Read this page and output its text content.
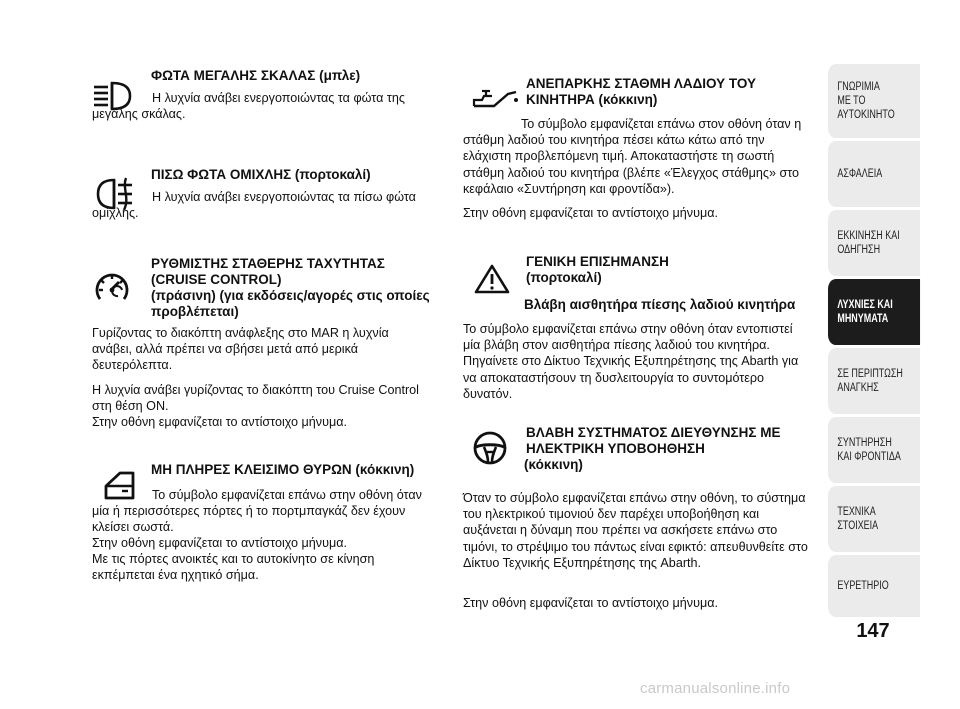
ΦΩΤΑ ΜΕΓΑΛΗΣ ΣΚΑΛΑΣ (μπλε)
Η λυχνία ανάβει ενεργοποιώντας τα φώτα της μεγάλης σκάλας.
ΠΙΣΩ ΦΩΤΑ ΟΜΙΧΛΗΣ (πορτοκαλί)
Η λυχνία ανάβει ενεργοποιώντας τα πίσω φώτα ομίχλης.
ΡΥΘΜΙΣΤΗΣ ΣΤΑΘΕΡΗΣ ΤΑΧΥΤΗΤΑΣ
(CRUISE CONTROL)
(πράσινη) (για εκδόσεις/αγορές στις οποίες
προβλέπεται)
Γυρίζοντας το διακόπτη ανάφλεξης στο MAR η λυχνία ανάβει, αλλά πρέπει να σβήσει μετά από μερικά δευτερόλεπτα.
Η λυχνία ανάβει γυρίζοντας το διακόπτη του Cruise Control στη θέση ON.
Στην οθόνη εμφανίζεται το αντίστοιχο μήνυμα.
ΜΗ ΠΛΗΡΕΣ ΚΛΕΙΣΙΜΟ ΘΥΡΩΝ (κόκκινη)
Το σύμβολο εμφανίζεται επάνω στην οθόνη όταν μία ή περισσότερες πόρτες ή το πορτμπαγκάζ δεν έχουν κλείσει σωστά.
Στην οθόνη εμφανίζεται το αντίστοιχο μήνυμα.
Με τις πόρτες ανοικτές και το αυτοκίνητο σε κίνηση εκπέμπεται ένα ηχητικό σήμα.
ΑΝΕΠΑΡΚΗΣ ΣΤΑΘΜΗ ΛΑΔΙΟΥ ΤΟΥ
ΚΙΝΗΤΗΡΑ (κόκκινη)
Το σύμβολο εμφανίζεται επάνω στον οθόνη όταν η στάθμη λαδιού του κινητήρα πέσει κάτω κάτω από την ελάχιστη προβλεπόμενη τιμή. Αποκαταστήστε τη σωστή στάθμη λαδιού του κινητήρα (βλέπε «Έλεγχος στάθμης» στο κεφάλαιο «Συντήρηση και φροντίδα»).
Στην οθόνη εμφανίζεται το αντίστοιχο μήνυμα.
ΓΕΝΙΚΗ ΕΠΙΣΗΜΑΝΣΗ
(πορτοκαλί)
Βλάβη αισθητήρα πίεσης λαδιού κινητήρα
Το σύμβολο εμφανίζεται επάνω στην οθόνη όταν εντοπιστεί μία βλάβη στον αισθητήρα πίεσης λαδιού του κινητήρα. Πηγαίνετε στο Δίκτυο Τεχνικής Εξυπηρέτησης της Abarth για να αποκαταστήσουν τη δυσλειτουργία το συντομότερο δυνατόν.
ΒΛΑΒΗ ΣΥΣΤΗΜΑΤΟΣ ΔΙΕΥΘΥΝΣΗΣ ΜΕ
ΗΛΕΚΤΡΙΚΗ ΥΠΟΒΟΗΘΗΣΗ
(κόκκινη)
Όταν το σύμβολο εμφανίζεται επάνω στην οθόνη, το σύστημα του ηλεκτρικού τιμονιού δεν παρέχει υποβοήθηση και αυξάνεται η δύναμη που πρέπει να ασκήσετε επάνω στο τιμόνι, το στρέψιμο του πάντως είναι εφικτό: απευθυνθείτε στο Δίκτυο Τεχνικής Εξυπηρέτησης της Abarth.
Στην οθόνη εμφανίζεται το αντίστοιχο μήνυμα.
ΓΝΩΡΙΜΙΑ
ΜΕ ΤΟ
ΑΥΤΟΚΙΝΗΤΟ
ΑΣΦΑΛΕΙΑ
ΕΚΚΙΝΗΣΗ ΚΑΙ
ΟΔΗΓΗΣΗ
ΛΥΧΝΙΕΣ ΚΑΙ
ΜΗΝΥΜΑΤΑ
ΣΕ ΠΕΡΙΠΤΩΣΗ
ΑΝΑΓΚΗΣ
ΣΥΝΤΗΡΗΣΗ
ΚΑΙ ΦΡΟΝΤΙΔΑ
ΤΕΧΝΙΚΑ
ΣΤΟΙΧΕΙΑ
ΕΥΡΕΤΗΡΙΟ
147
carmanualsonline.info
